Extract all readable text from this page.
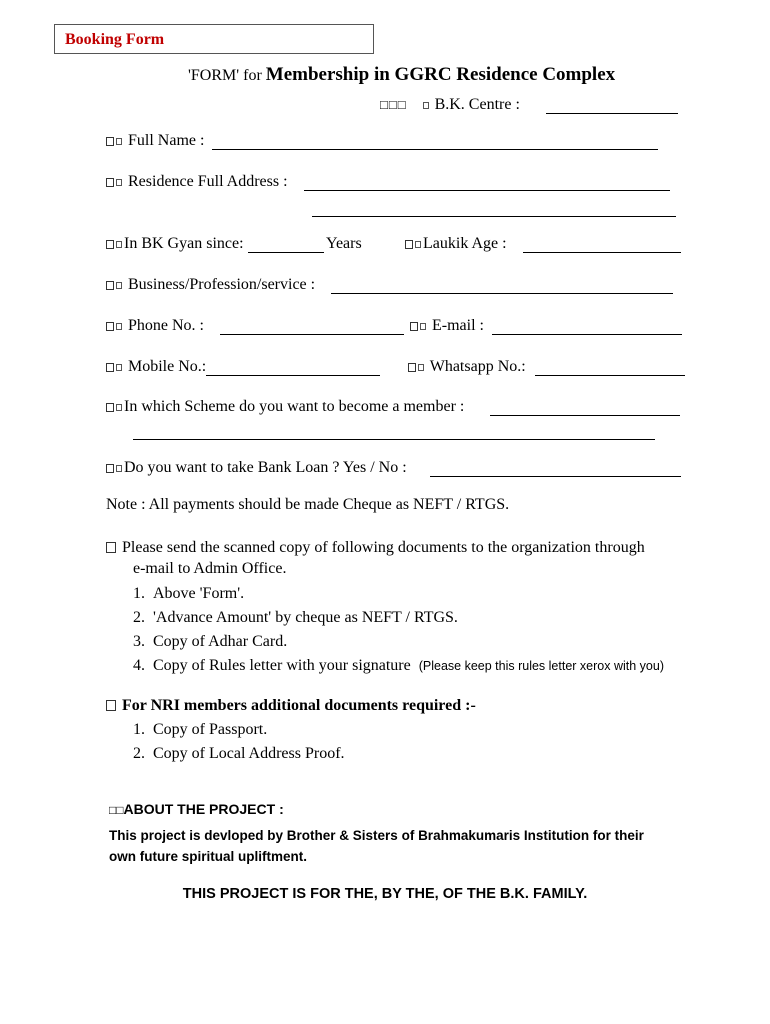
Booking Form
'FORM' for Membership in GGRC Residence Complex
□□□ B.K. Centre :
Full Name :
Residence Full Address :
In BK Gyan since:	Years	Laukik Age :
Business/Profession/service :
Phone No. :	E-mail :
Mobile No.:	Whatsapp No.:
In which Scheme do you want to become a member :
Do you want to take Bank Loan ? Yes / No :
Note : All payments should be made Cheque as NEFT / RTGS.
Please send the scanned copy of following documents to the organization through
e-mail to Admin Office.
1. Above 'Form'.
2. 'Advance Amount' by cheque as NEFT / RTGS.
3. Copy of Adhar Card.
4. Copy of Rules letter with your signature (Please keep this rules letter xerox with you)
For NRI members additional documents required :-
1. Copy of Passport.
2. Copy of Local Address Proof.
□□ABOUT THE PROJECT :
This project is devloped by Brother & Sisters of Brahmakumaris Institution for their
own future spiritual upliftment.
THIS PROJECT IS FOR THE, BY THE, OF THE B.K. FAMILY.
